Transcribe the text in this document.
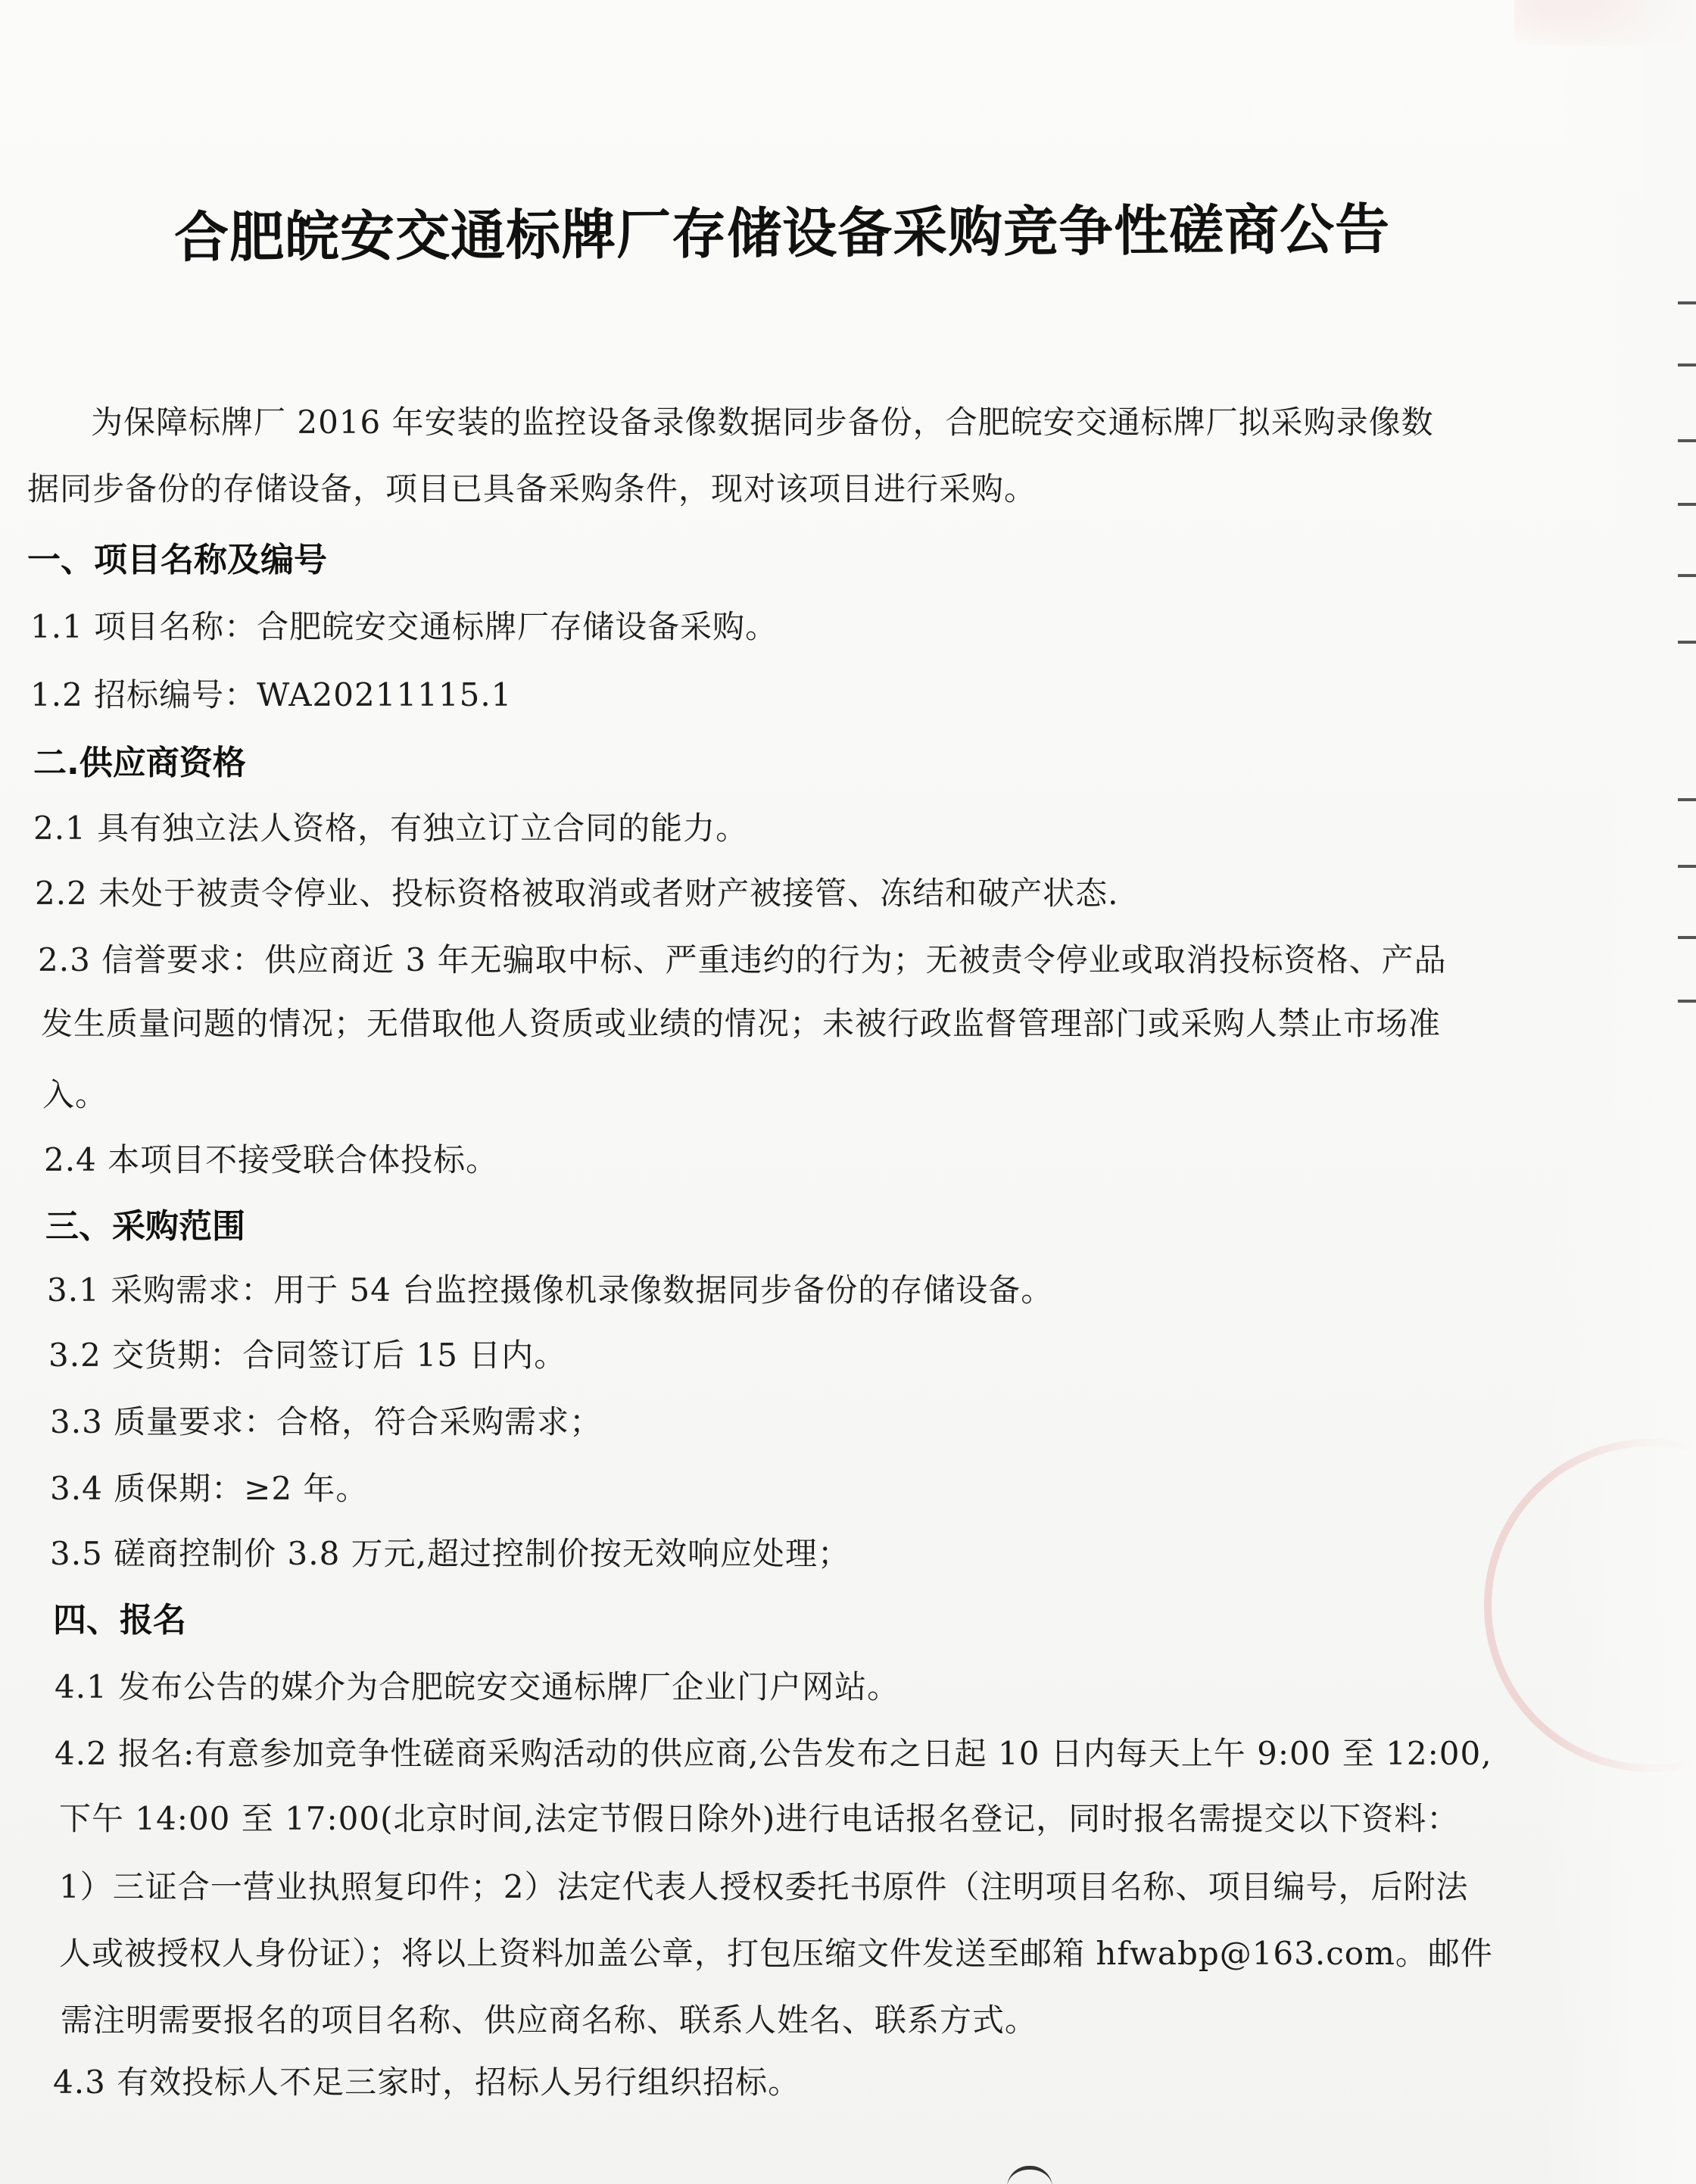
合肥皖安交通标牌厂存储设备采购竞争性磋商公告
为保障标牌厂 2016 年安装的监控设备录像数据同步备份，合肥皖安交通标牌厂拟采购录像数
据同步备份的存储设备，项目已具备采购条件，现对该项目进行采购。
一、项目名称及编号
1.1 项目名称：合肥皖安交通标牌厂存储设备采购。
1.2 招标编号：WA20211115.1
二.供应商资格
2.1 具有独立法人资格，有独立订立合同的能力。
2.2 未处于被责令停业、投标资格被取消或者财产被接管、冻结和破产状态.
2.3 信誉要求：供应商近 3 年无骗取中标、严重违约的行为；无被责令停业或取消投标资格、产品
发生质量问题的情况；无借取他人资质或业绩的情况；未被行政监督管理部门或采购人禁止市场准
入。
2.4 本项目不接受联合体投标。
三、采购范围
3.1 采购需求：用于 54 台监控摄像机录像数据同步备份的存储设备。
3.2 交货期：合同签订后 15 日内。
3.3 质量要求：合格，符合采购需求；
3.4 质保期：≥2 年。
3.5 磋商控制价 3.8 万元,超过控制价按无效响应处理；
四、报名
4.1 发布公告的媒介为合肥皖安交通标牌厂企业门户网站。
4.2 报名:有意参加竞争性磋商采购活动的供应商,公告发布之日起 10 日内每天上午 9:00 至 12:00,
下午 14:00 至 17:00(北京时间,法定节假日除外)进行电话报名登记，同时报名需提交以下资料：
1）三证合一营业执照复印件；2）法定代表人授权委托书原件（注明项目名称、项目编号，后附法
人或被授权人身份证）；将以上资料加盖公章，打包压缩文件发送至邮箱 hfwabp@163.com。邮件
需注明需要报名的项目名称、供应商名称、联系人姓名、联系方式。
4.3 有效投标人不足三家时，招标人另行组织招标。
